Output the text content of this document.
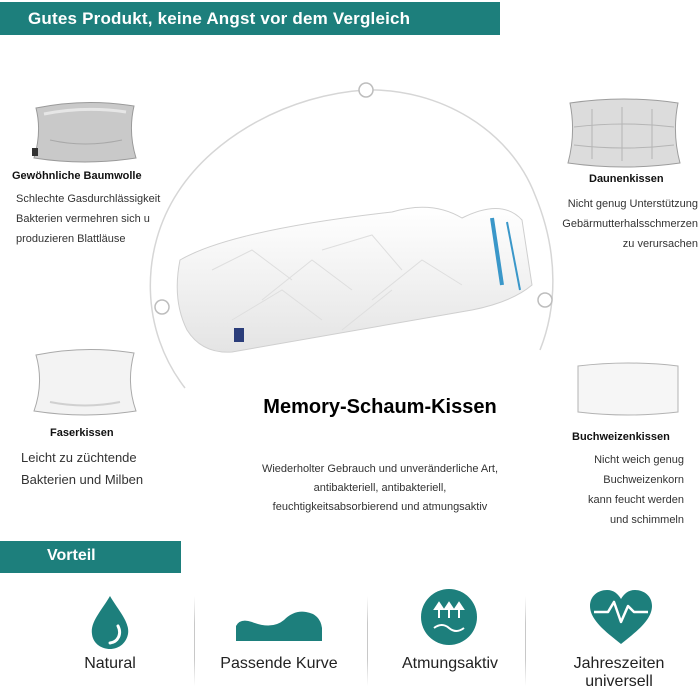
Gutes Produkt, keine Angst vor dem Vergleich
Gewöhnliche Baumwolle
Schlechte Gasdurchlässigkeit
Bakterien vermehren sich u
produzieren Blattläuse
Daunenkissen
Nicht genug Unterstützung
Gebärmutterhalsschmerzen
zu verursachen
Faserkissen
Leicht zu züchtende
Bakterien und Milben
Buchweizenkissen
Nicht weich genug
Buchweizenkorn
kann feucht werden
und schimmeln
Memory-Schaum-Kissen
Wiederholter Gebrauch und unveränderliche Art,
antibakteriell, antibakteriell,
feuchtigkeitsabsorbierend und atmungsaktiv
Vorteil
Natural	Passende Kurve	Atmungsaktiv	Jahreszeiten
universell
